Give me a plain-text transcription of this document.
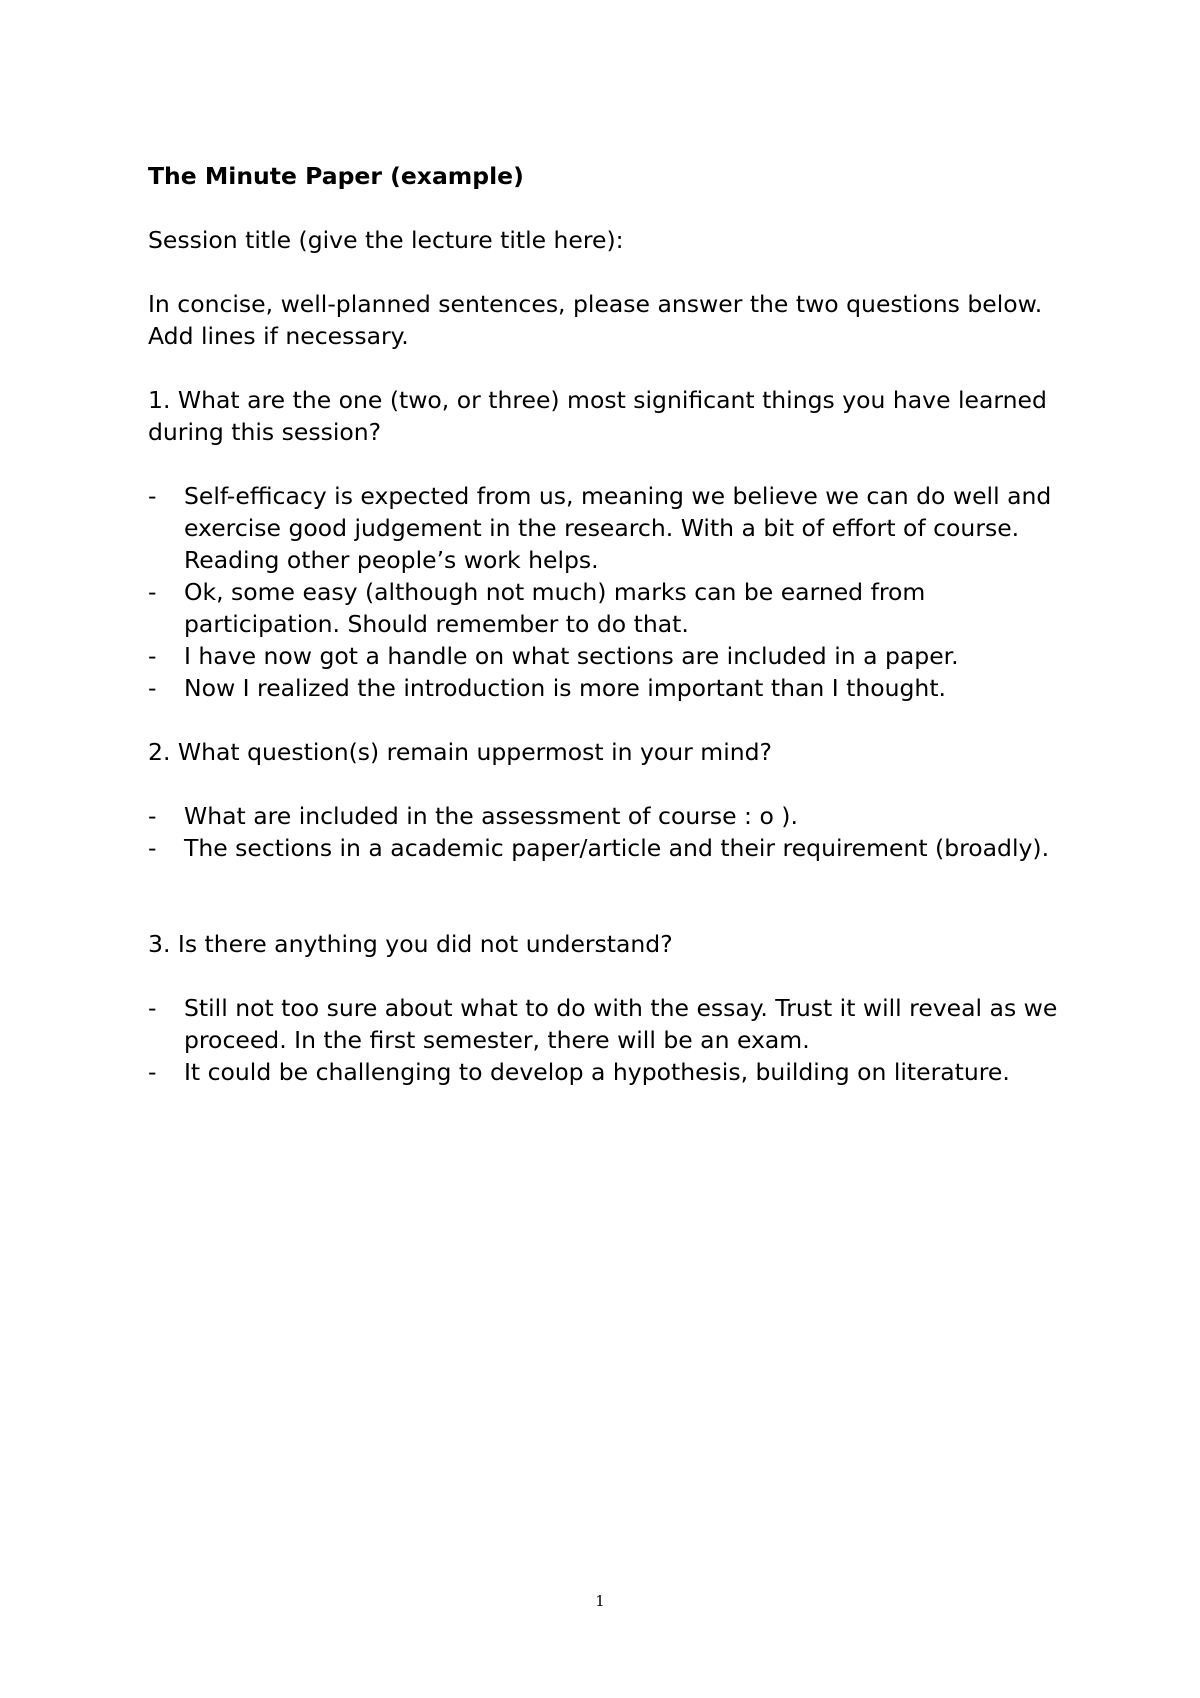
The Minute Paper (example)
Session title (give the lecture title here):
In concise, well-planned sentences, please answer the two questions below. Add lines if necessary.
1. What are the one (two, or three) most significant things you have learned during this session?
- Self-efficacy is expected from us, meaning we believe we can do well and exercise good judgement in the research. With a bit of effort of course. Reading other people’s work helps.
- Ok, some easy (although not much) marks can be earned from participation. Should remember to do that.
- I have now got a handle on what sections are included in a paper.
- Now I realized the introduction is more important than I thought.
2. What question(s) remain uppermost in your mind?
- What are included in the assessment of course : o ).
- The sections in a academic paper/article and their requirement (broadly).
3. Is there anything you did not understand?
- Still not too sure about what to do with the essay. Trust it will reveal as we proceed. In the first semester, there will be an exam.
- It could be challenging to develop a hypothesis, building on literature.
1
